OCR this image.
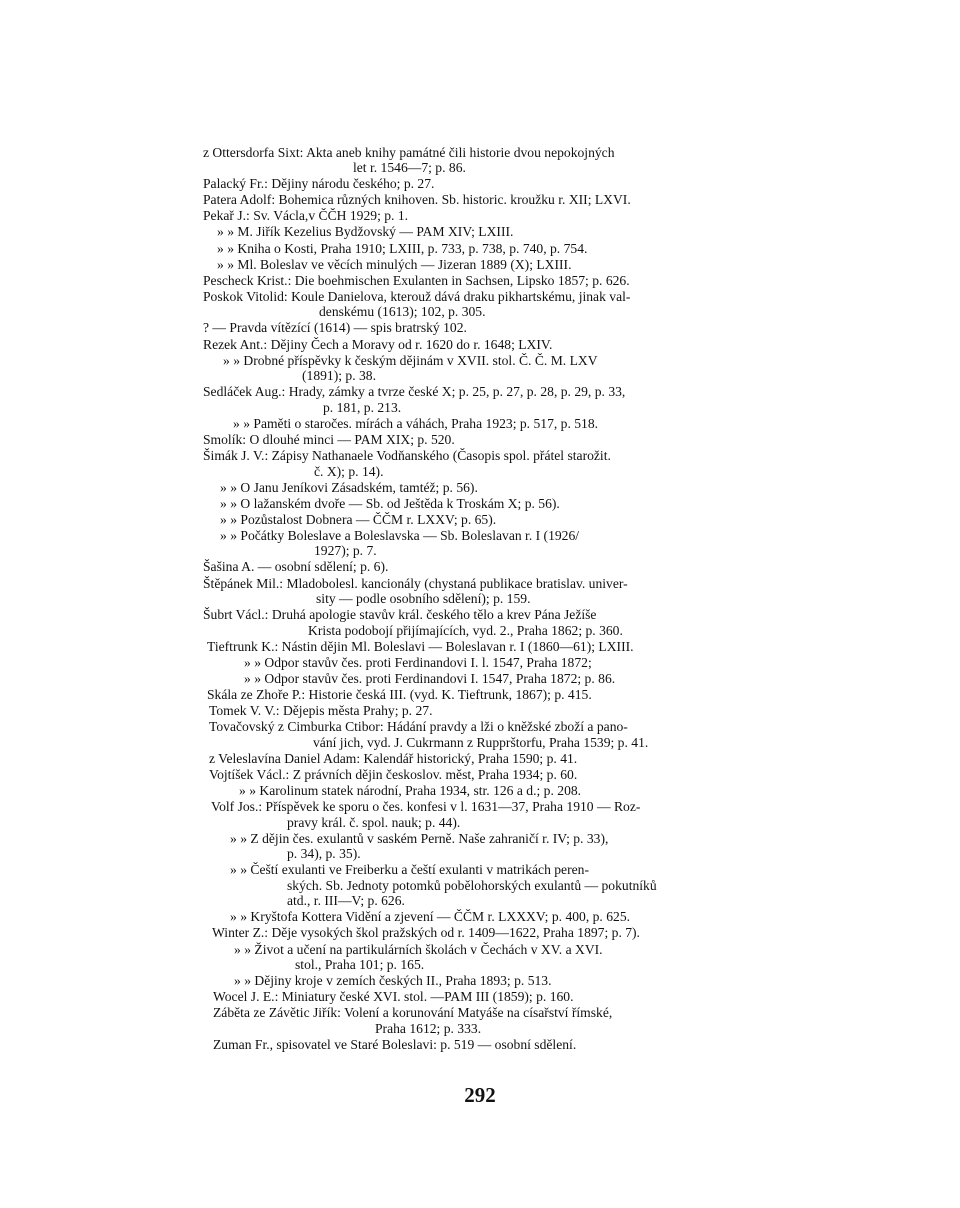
z Ottersdorfa Sixt: Akta aneb knihy památné čili historie dvou nepokojných
let r. 1546—7; p. 86.
Palacký Fr.: Dějiny národu českého; p. 27.
Patera Adolf: Bohemica různých knihoven. Sb. historic. kroužku r. XII; LXVI.
Pekař J.: Sv. Václa,v ČČH 1929; p. 1.
» » M. Jiřík Kezelius Bydžovský — PAM XIV; LXIII.
» » Kniha o Kosti, Praha 1910; LXIII, p. 733, p. 738, p. 740, p. 754.
» » Ml. Boleslav ve věcích minulých — Jizeran 1889 (X); LXIII.
Pescheck Krist.: Die boehmischen Exulanten in Sachsen, Lipsko 1857; p. 626.
Poskok Vitolid: Koule Danielova, kterouž dává draku pikhartskému, jinak val-
denskému (1613); 102, p. 305.
? — Pravda vítězící (1614) — spis bratrský 102.
Rezek Ant.: Dějiny Čech a Moravy od r. 1620 do r. 1648; LXIV.
» » Drobné příspěvky k českým dějinám v XVII. stol. Č. Č. M. LXV
(1891); p. 38.
Sedláček Aug.: Hrady, zámky a tvrze české X; p. 25, p. 27, p. 28, p. 29, p. 33,
p. 181, p. 213.
» » Paměti o staročes. mírách a váhách, Praha 1923; p. 517, p. 518.
Smolík: O dlouhé minci — PAM XIX; p. 520.
Šimák J. V.: Zápisy Nathanaele Vodňanského (Časopis spol. přátel starožit.
č. X); p. 14).
» » O Janu Jeníkovi Zásadském, tamtéž; p. 56).
» » O lažanském dvoře — Sb. od Ještěda k Troskám X; p. 56).
» » Pozůstalost Dobnera — ČČM r. LXXV; p. 65).
» » Počátky Boleslave a Boleslavska — Sb. Boleslavan r. I (1926/
1927); p. 7.
Šašina A. — osobní sdělení; p. 6).
Štěpánek Mil.: Mladobolesl. kancionály (chystaná publikace bratislav. univer-
sity — podle osobního sdělení); p. 159.
Šubrt Václ.: Druhá apologie stavův král. českého tělo a krev Pána Ježíše
Krista podobojí přijímajících, vyd. 2., Praha 1862; p. 360.
Tieftrunk K.: Nástin dějin Ml. Boleslavi — Boleslavan r. I (1860—61); LXIII.
» » Odpor stavův čes. proti Ferdinandovi I. l. 1547, Praha 1872;
» » Odpor stavův čes. proti Ferdinandovi I. 1547, Praha 1872; p. 86.
Skála ze Zhoře P.: Historie česká III. (vyd. K. Tieftrunk, 1867); p. 415.
Tomek V. V.: Dějepis města Prahy; p. 27.
Tovačovský z Cimburka Ctibor: Hádání pravdy a lži o kněžské zboží a pano-
vání jich, vyd. J. Cukrmann z Rupprštorfu, Praha 1539; p. 41.
z Veleslavína Daniel Adam: Kalendář historický, Praha 1590; p. 41.
Vojtíšek Václ.: Z právních dějin českoslov. měst, Praha 1934; p. 60.
» » Karolinum statek národní, Praha 1934, str. 126 a d.; p. 208.
Volf Jos.: Příspěvek ke sporu o čes. konfesi v l. 1631—37, Praha 1910 — Roz-
pravy král. č. spol. nauk; p. 44).
» » Z dějin čes. exulantů v saském Perně. Naše zahraničí r. IV; p. 33),
p. 34), p. 35).
» » Čeští exulanti ve Freiberku a čeští exulanti v matrikách peren-
ských. Sb. Jednoty potomků pobělohorských exulantů — pokutníků
atd., r. III—V; p. 626.
» » Kryštofa Kottera Vidění a zjevení — ČČM r. LXXXV; p. 400, p. 625.
Winter Z.: Děje vysokých škol pražských od r. 1409—1622, Praha 1897; p. 7).
» » Život a učení na partikulárních školách v Čechách v XV. a XVI.
stol., Praha 101; p. 165.
» » Dějiny kroje v zemích českých II., Praha 1893; p. 513.
Wocel J. E.: Miniatury české XVI. stol. —PAM III (1859); p. 160.
Záběta ze Závětic Jiřík: Volení a korunování Matyáše na císařství římské,
Praha 1612; p. 333.
Zuman Fr., spisovatel ve Staré Boleslavi: p. 519 — osobní sdělení.
292
